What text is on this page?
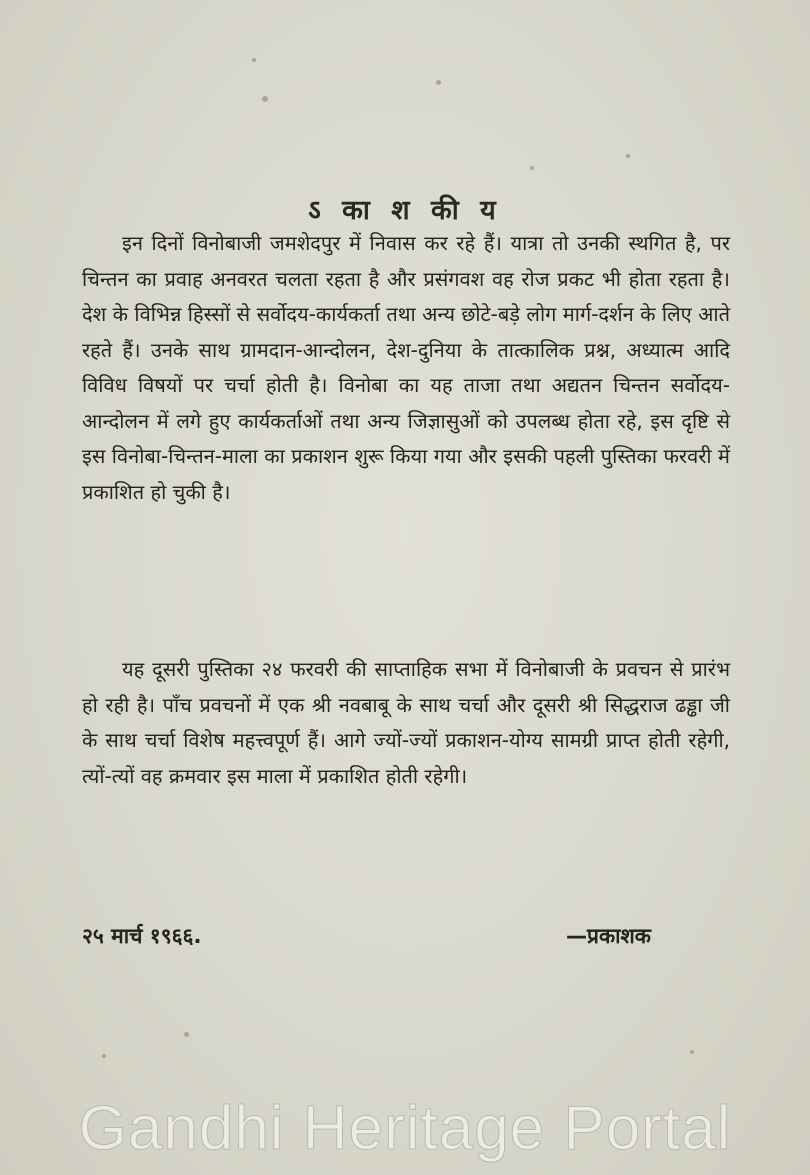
ऽ का श की य

इन दिनों विनोबाजी जमशेदपुर में निवास कर रहे हैं। यात्रा तो उनकी स्थगित है, पर चिन्तन का प्रवाह अनवरत चलता रहता है और प्रसंगवश वह रोज प्रकट भी होता रहता है। देश के विभिन्न हिस्सों से सर्वोदय-कार्यकर्ता तथा अन्य छोटे-बड़े लोग मार्ग-दर्शन के लिए आते रहते हैं। उनके साथ ग्रामदान-आन्दोलन, देश-दुनिया के तात्कालिक प्रश्न, अध्यात्म आदि विविध विषयों पर चर्चा होती है। विनोबा का यह ताजा तथा अद्यतन चिन्तन सर्वोदय-आन्दोलन में लगे हुए कार्यकर्ताओं तथा अन्य जिज्ञासुओं को उपलब्ध होता रहे, इस दृष्टि से इस विनोबा-चिन्तन-माला का प्रकाशन शुरू किया गया और इसकी पहली पुस्तिका फरवरी में प्रकाशित हो चुकी है।

यह दूसरी पुस्तिका २४ फरवरी की साप्ताहिक सभा में विनोबाजी के प्रवचन से प्रारंभ हो रही है। पाँच प्रवचनों में एक श्री नवबाबू के साथ चर्चा और दूसरी श्री सिद्धराज ढड्ढा जी के साथ चर्चा विशेष महत्त्वपूर्ण हैं। आगे ज्यों-ज्यों प्रकाशन-योग्य सामग्री प्राप्त होती रहेगी, त्यों-त्यों वह क्रमवार इस माला में प्रकाशित होती रहेगी।

२५ मार्च १९६६.	—प्रकाशक
Gandhi Heritage Portal
